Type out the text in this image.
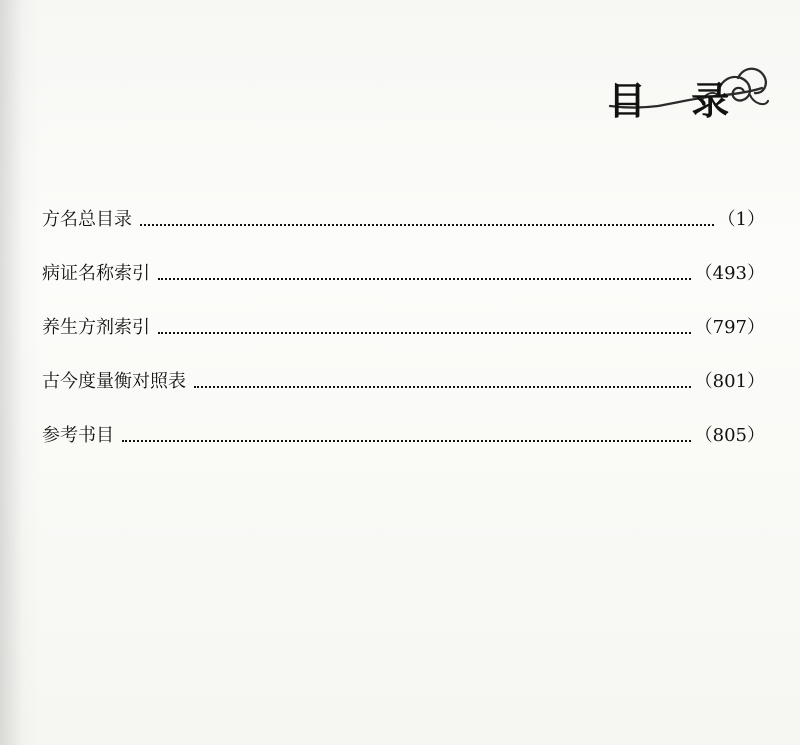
目 录
方名总目录	（1）
病证名称索引	（493）
养生方剂索引	（797）
古今度量衡对照表	（801）
参考书目	（805）
